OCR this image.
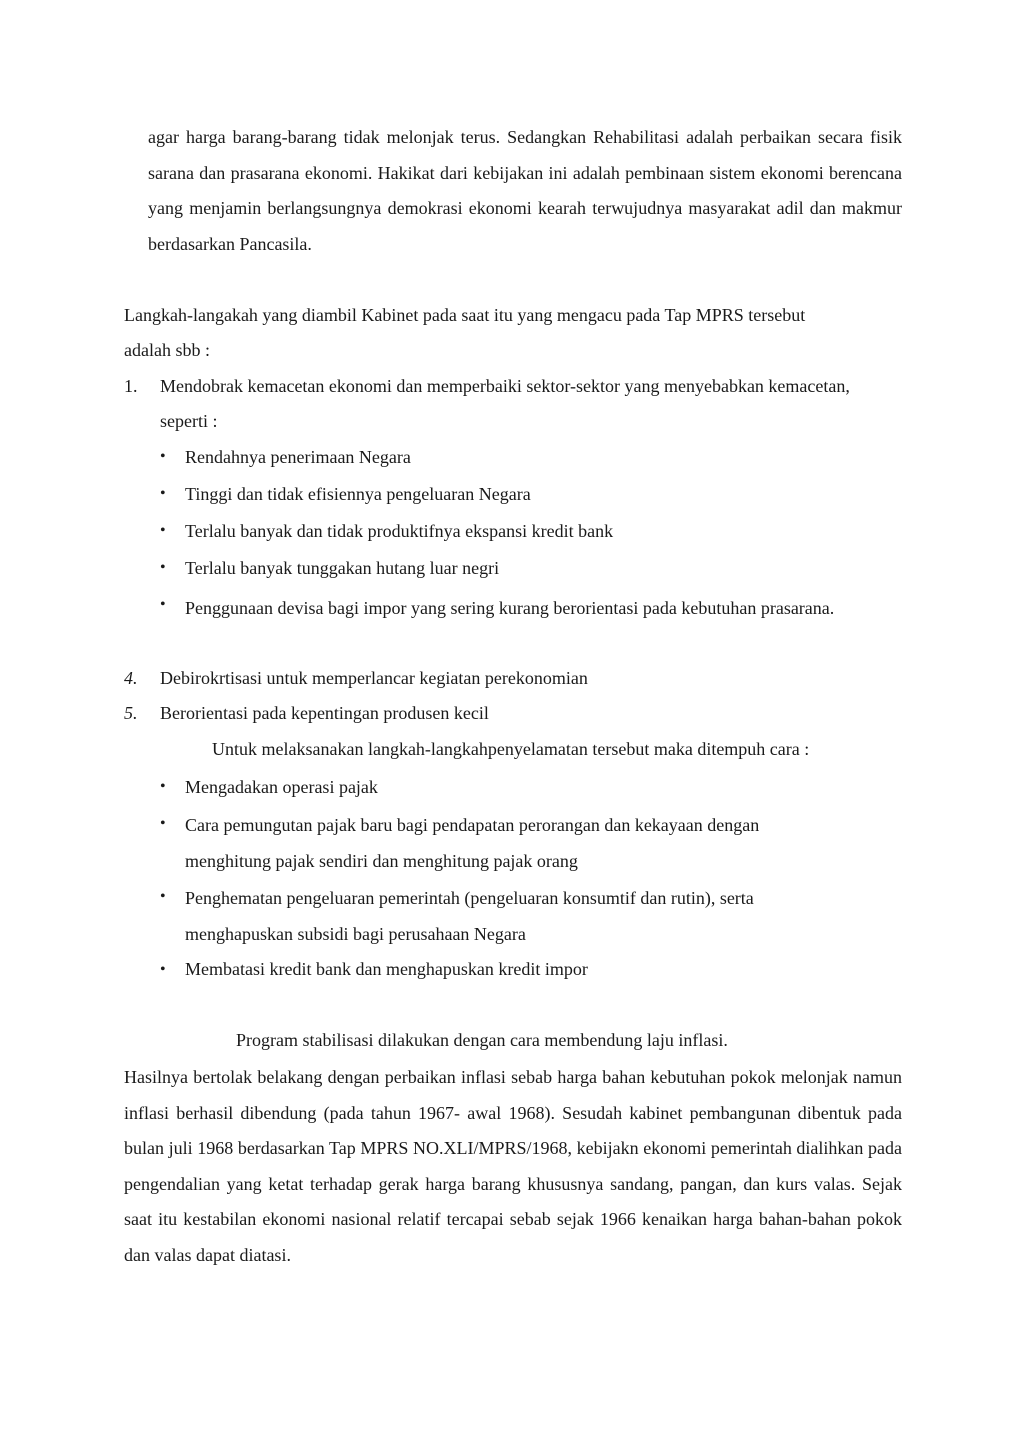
agar harga barang-barang tidak melonjak terus. Sedangkan Rehabilitasi adalah perbaikan secara fisik sarana dan prasarana ekonomi. Hakikat dari kebijakan ini adalah pembinaan sistem ekonomi berencana yang menjamin berlangsungnya demokrasi ekonomi kearah terwujudnya masyarakat adil dan makmur berdasarkan Pancasila.

Langkah-langakah yang diambil Kabinet pada saat itu yang mengacu pada Tap MPRS tersebut adalah sbb :

1. Mendobrak kemacetan ekonomi dan memperbaiki sektor-sektor yang menyebabkan kemacetan, seperti :

• Rendahnya penerimaan Negara

• Tinggi dan tidak efisiennya pengeluaran Negara

• Terlalu banyak dan tidak produktifnya ekspansi kredit bank

• Terlalu banyak tunggakan hutang luar negri

• Penggunaan devisa bagi impor yang sering kurang berorientasi pada kebutuhan prasarana.

4. Debirokrtisasi untuk memperlancar kegiatan perekonomian

5. Berorientasi pada kepentingan produsen kecil

Untuk melaksanakan langkah-langkahpenyelamatan tersebut maka ditempuh cara :

• Mengadakan operasi pajak

• Cara pemungutan pajak baru bagi pendapatan perorangan dan kekayaan dengan menghitung pajak sendiri dan menghitung pajak orang

• Penghematan pengeluaran pemerintah (pengeluaran konsumtif dan rutin), serta menghapuskan subsidi bagi perusahaan Negara

• Membatasi kredit bank dan menghapuskan kredit impor

Program stabilisasi dilakukan dengan cara membendung laju inflasi.

Hasilnya bertolak belakang dengan perbaikan inflasi sebab harga bahan kebutuhan pokok melonjak namun inflasi berhasil dibendung (pada tahun 1967- awal 1968). Sesudah kabinet pembangunan dibentuk pada bulan juli 1968 berdasarkan Tap MPRS NO.XLI/MPRS/1968, kebijakn ekonomi pemerintah dialihkan pada pengendalian yang ketat terhadap gerak harga barang khususnya sandang, pangan, dan kurs valas. Sejak saat itu kestabilan ekonomi nasional relatif tercapai sebab sejak 1966 kenaikan harga bahan-bahan pokok dan valas dapat diatasi.
